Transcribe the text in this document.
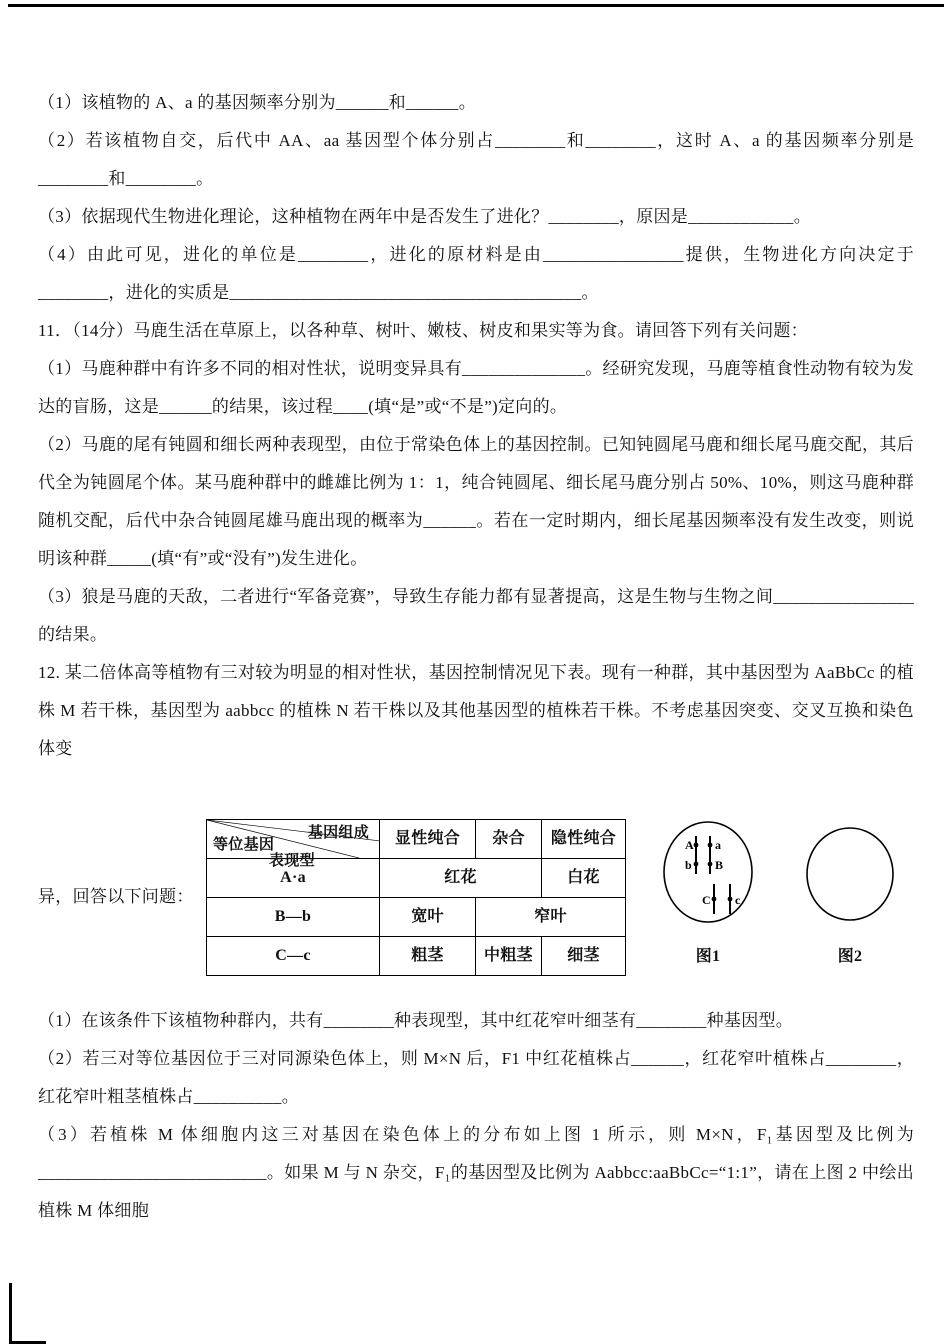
（1）该植物的 A、a 的基因频率分别为______和______。

（2）若该植物自交，后代中 AA、aa 基因型个体分别占________和________，这时 A、a 的基因频率分别是________和________。

（3）依据现代生物进化理论，这种植物在两年中是否发生了进化？________，原因是____________。

（4）由此可见，进化的单位是________，进化的原材料是由________________提供，生物进化方向决定于________，进化的实质是________________________________________。

11．（14分）马鹿生活在草原上，以各种草、树叶、嫩枝、树皮和果实等为食。请回答下列有关问题：

（1）马鹿种群中有许多不同的相对性状，说明变异具有______________。经研究发现，马鹿等植食性动物有较为发达的盲肠，这是______的结果，该过程____(填“是”或“不是”)定向的。

（2）马鹿的尾有钝圆和细长两种表现型，由位于常染色体上的基因控制。已知钝圆尾马鹿和细长尾马鹿交配，其后代全为钝圆尾个体。某马鹿种群中的雌雄比例为 1：1，纯合钝圆尾、细长尾马鹿分别占 50%、10%，则这马鹿种群随机交配，后代中杂合钝圆尾雄马鹿出现的概率为______。若在一定时期内，细长尾基因频率没有发生改变，则说明该种群_____(填“有”或“没有”)发生进化。

（3）狼是马鹿的天敌，二者进行“军备竞赛”，导致生存能力都有显著提高，这是生物与生物之间________________的结果。

12. 某二倍体高等植物有三对较为明显的相对性状，基因控制情况见下表。现有一种群，其中基因型为 AaBbCc 的植株 M 若干株，基因型为 aabbcc 的植株 N 若干株以及其他基因型的植株若干株。不考虑基因突变、交叉互换和染色体变

异，回答以下问题：
基因组成
表现型
等位基因	显性纯合	杂合	隐性纯合
A·a	红花		白花
B—b	宽叶	窄叶	
C—c	粗茎	中粗茎	细茎
A a
b B
C c
图1	图2

（1）在该条件下该植物种群内，共有________种表现型，其中红花窄叶细茎有________种基因型。

（2）若三对等位基因位于三对同源染色体上，则 M×N 后，F1 中红花植株占______，红花窄叶植株占________，红花窄叶粗茎植株占__________。

（3）若植株 M 体细胞内这三对基因在染色体上的分布如上图 1 所示，则 M×N，F₁基因型及比例为__________________________。如果 M 与 N 杂交，F₁的基因型及比例为 Aabbcc:aaBbCc=“1:1”，请在上图 2 中绘出植株 M 体细胞
